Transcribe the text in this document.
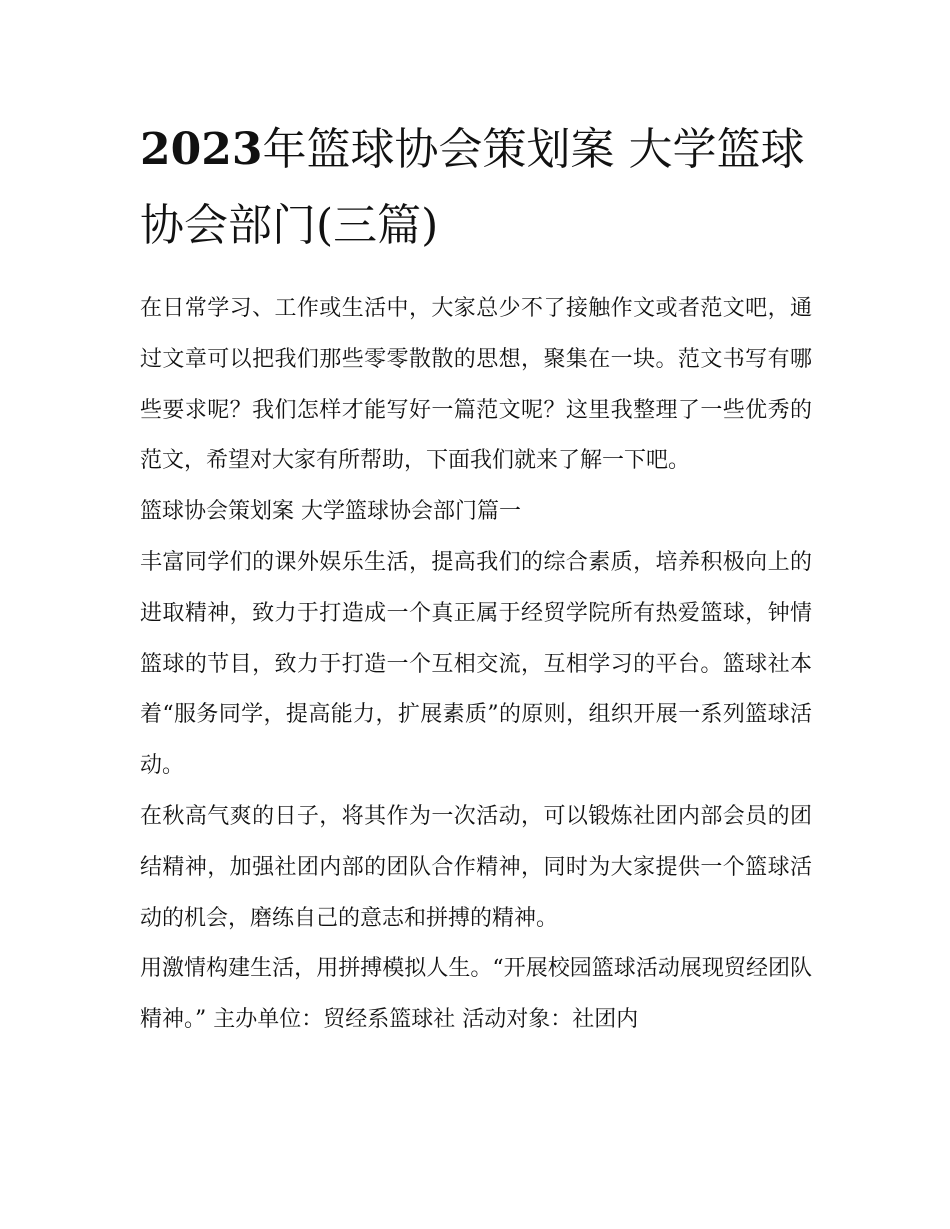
2023年篮球协会策划案 大学篮球协会部门(三篇)

在日常学习、工作或生活中，大家总少不了接触作文或者范文吧，通过文章可以把我们那些零零散散的思想，聚集在一块。范文书写有哪些要求呢？我们怎样才能写好一篇范文呢？这里我整理了一些优秀的范文，希望对大家有所帮助，下面我们就来了解一下吧。

篮球协会策划案 大学篮球协会部门篇一

丰富同学们的课外娱乐生活，提高我们的综合素质，培养积极向上的进取精神，致力于打造成一个真正属于经贸学院所有热爱篮球，钟情篮球的节目，致力于打造一个互相交流，互相学习的平台。篮球社本着“服务同学，提高能力，扩展素质”的原则，组织开展一系列篮球活动。

在秋高气爽的日子，将其作为一次活动，可以锻炼社团内部会员的团结精神，加强社团内部的团队合作精神，同时为大家提供一个篮球活动的机会，磨练自己的意志和拼搏的精神。

用激情构建生活，用拼搏模拟人生。“开展校园篮球活动展现贸经团队精神。” 主办单位：贸经系篮球社 活动对象：社团内
